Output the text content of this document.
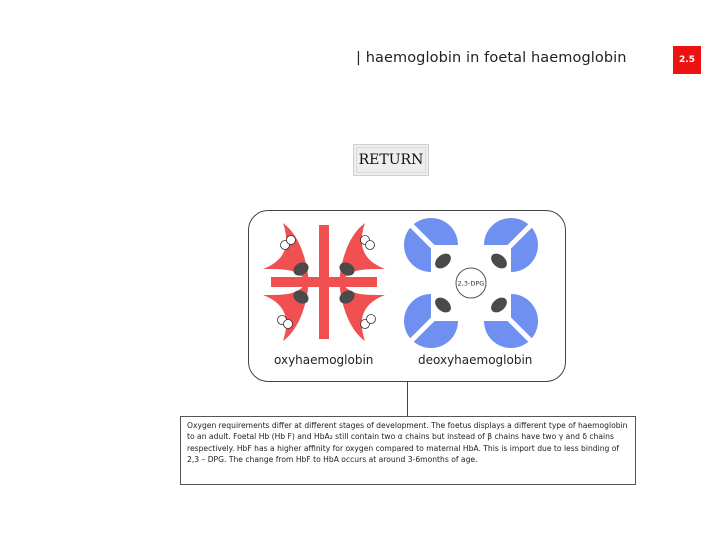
| haemoglobin in foetal haemoglobin	2.5
RETURN
2,3-DPG
oxyhaemoglobin	deoxyhaemoglobin
Oxygen requirements differ at different stages of development. The foetus displays a different type of haemoglobin to an adult. Foetal Hb (Hb F) and HbA₂ still contain two α chains but instead of β chains have two γ and δ chains respectively. HbF has a higher affinity for oxygen compared to maternal HbA. This is import due to less binding of 2,3 – DPG. The change from HbF to HbA occurs at around 3-6months of age.
